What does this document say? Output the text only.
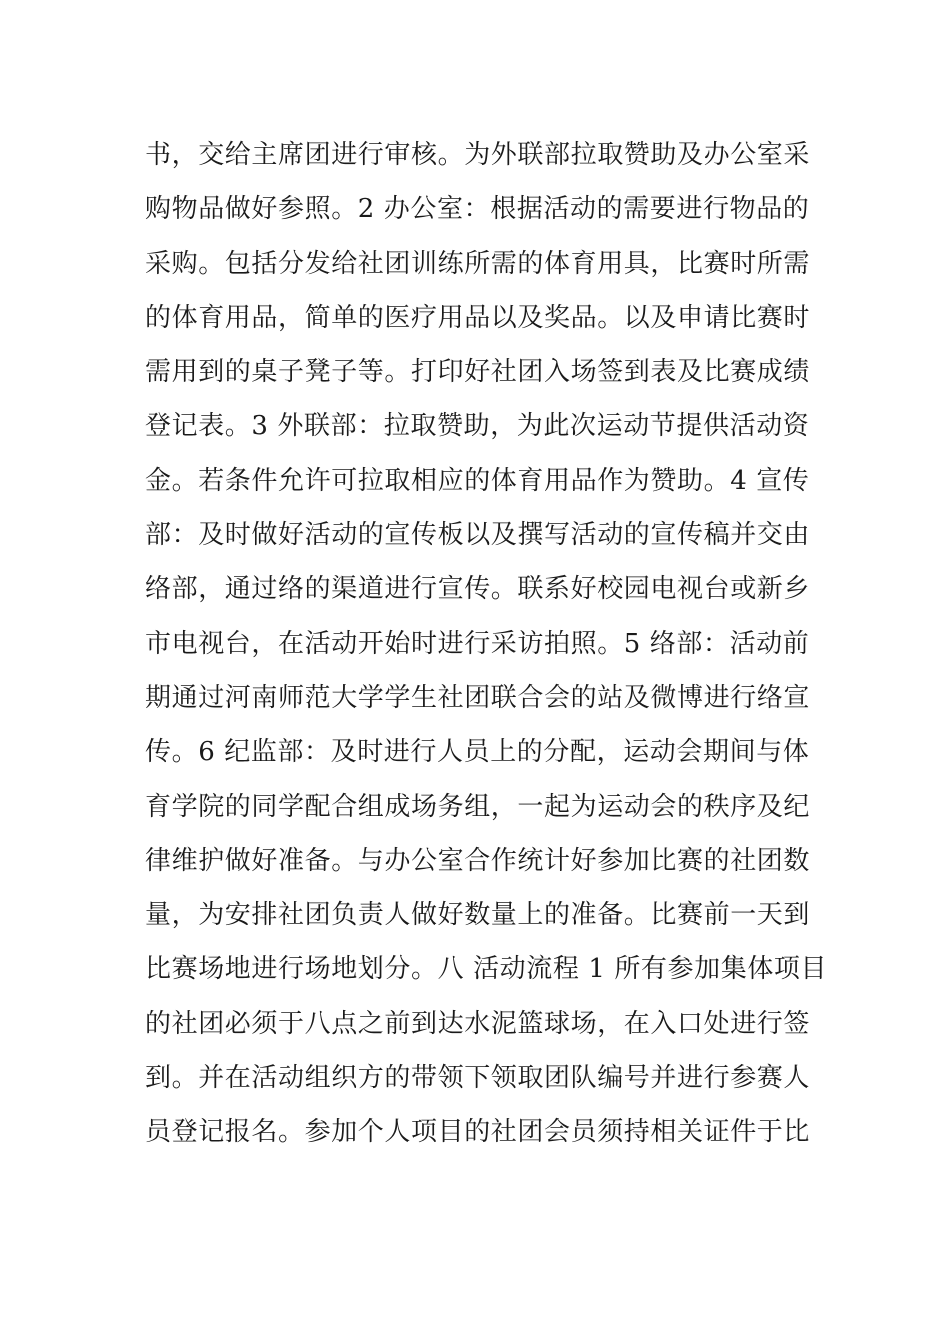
书，交给主席团进行审核。为外联部拉取赞助及办公室采
购物品做好参照。2 办公室：根据活动的需要进行物品的
采购。包括分发给社团训练所需的体育用具，比赛时所需
的体育用品，简单的医疗用品以及奖品。以及申请比赛时
需用到的桌子凳子等。打印好社团入场签到表及比赛成绩
登记表。3 外联部：拉取赞助，为此次运动节提供活动资
金。若条件允许可拉取相应的体育用品作为赞助。4 宣传
部：及时做好活动的宣传板以及撰写活动的宣传稿并交由
络部，通过络的渠道进行宣传。联系好校园电视台或新乡
市电视台，在活动开始时进行采访拍照。5 络部：活动前
期通过河南师范大学学生社团联合会的站及微博进行络宣
传。6 纪监部：及时进行人员上的分配，运动会期间与体
育学院的同学配合组成场务组，一起为运动会的秩序及纪
律维护做好准备。与办公室合作统计好参加比赛的社团数
量，为安排社团负责人做好数量上的准备。比赛前一天到
比赛场地进行场地划分。八 活动流程 1 所有参加集体项目
的社团必须于八点之前到达水泥篮球场，在入口处进行签
到。并在活动组织方的带领下领取团队编号并进行参赛人
员登记报名。参加个人项目的社团会员须持相关证件于比
